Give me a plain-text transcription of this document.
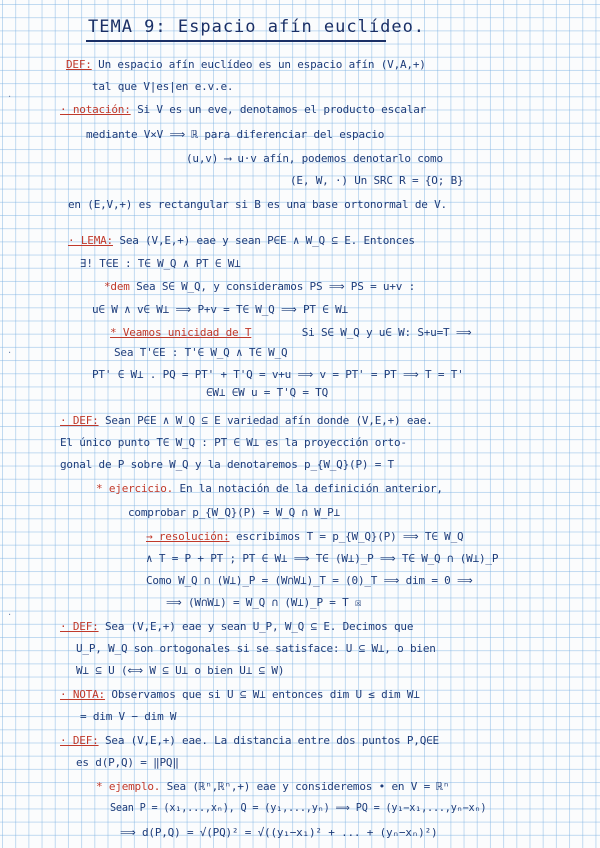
TEMA 9: Espacio afín euclídeo.
·
·
·
DEF: Un espacio afín euclídeo es un espacio afín (V,A,+)
tal que V|es|en e.v.e.
· notación: Si V es un eve, denotamos el producto escalar
mediante V×V ⟹ ℝ para diferenciar del espacio
(u,v) ⟶ u·v afín, podemos denotarlo como
(E, W, ·) Un SRC R = {O; B}
en (E,V,+) es rectangular si B es una base ortonormal de V.
· LEMA: Sea (V,E,+) eae y sean P∈E ∧ W_Q ⊆ E. Entonces
∃! T∈E : T∈ W_Q ∧ PT ∈ W⊥
*dem Sea S∈ W_Q, y consideramos PS ⟹ PS = u+v :
u∈ W ∧ v∈ W⊥ ⟹ P+v = T∈ W_Q ⟹ PT ∈ W⊥
* Veamos unicidad de T	Si S∈ W_Q y u∈ W: S+u=T ⟹
Sea T'∈E : T'∈ W_Q ∧ T∈ W_Q
PT' ∈ W⊥ . PQ = PT' + T'Q = v+u ⟹ v = PT' = PT ⟹ T = T'
∈W⊥ ∈W u = T'Q = TQ
· DEF: Sean P∈E ∧ W_Q ⊆ E variedad afín donde (V,E,+) eae.
El único punto T∈ W_Q : PT ∈ W⊥ es la proyección orto-
gonal de P sobre W_Q y la denotaremos p_{W_Q}(P) = T
* ejercicio. En la notación de la definición anterior,
comprobar p_{W_Q}(P) = W_Q ∩ W_P⊥
→ resolución: escribimos T = p_{W_Q}(P) ⟹ T∈ W_Q
∧ T = P + PT ; PT ∈ W⊥ ⟹ T∈ (W⊥)_P ⟹ T∈ W_Q ∩ (W⊥)_P
Como W_Q ∩ (W⊥)_P = (W∩W⊥)_T = (0)_T ⟹ dim = 0 ⟹
⟹ (W∩W⊥) = W_Q ∩ (W⊥)_P = T ☒
· DEF: Sea (V,E,+) eae y sean U_P, W_Q ⊆ E. Decimos que
U_P, W_Q son ortogonales si se satisface: U ⊆ W⊥, o bien
W⊥ ⊆ U (⟺ W ⊆ U⊥ o bien U⊥ ⊆ W)
· NOTA: Observamos que si U ⊆ W⊥ entonces dim U ≤ dim W⊥
= dim V − dim W
· DEF: Sea (V,E,+) eae. La distancia entre dos puntos P,Q∈E
es d(P,Q) = ‖PQ‖
* ejemplo. Sea (ℝⁿ,ℝⁿ,+) eae y consideremos • en V = ℝⁿ
Sean P = (x₁,...,xₙ), Q = (y₁,...,yₙ) ⟹ PQ = (y₁−x₁,...,yₙ−xₙ)
⟹ d(P,Q) = √(PQ)² = √((y₁−x₁)² + ... + (yₙ−xₙ)²)
